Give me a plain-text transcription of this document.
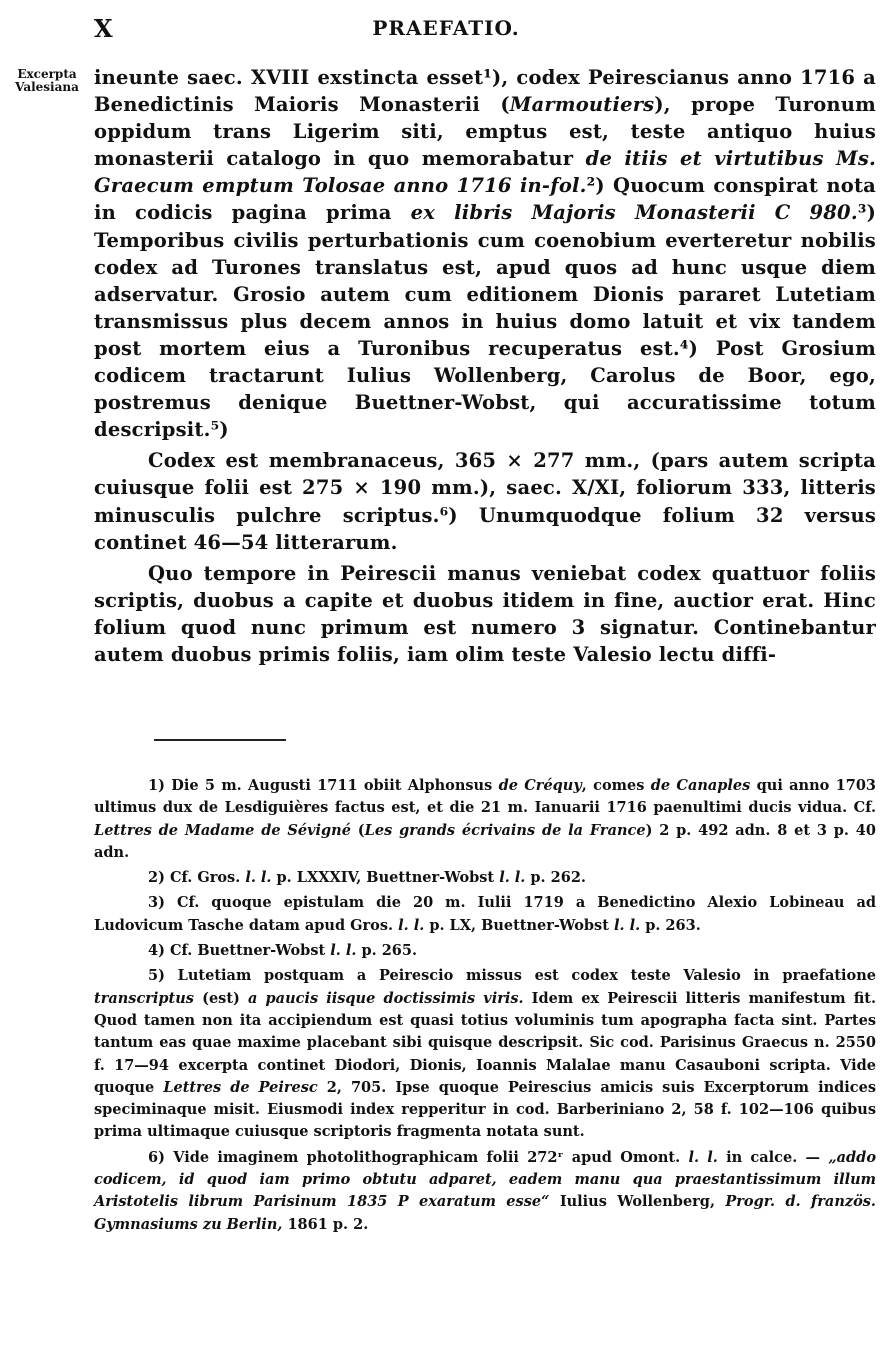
X	PRAEFATIO.
Excerpta Valesiana ineunte saec. XVIII exstincta esset¹), codex Peirescianus anno 1716 a Benedictinis Maioris Monasterii (Marmoutiers), prope Turonum oppidum trans Ligerim siti, emptus est, teste antiquo huius monasterii catalogo in quo memorabatur de itiis et virtutibus Ms. Graecum emptum Tolosae anno 1716 in-fol.²) Quocum conspirat nota in codicis pagina prima ex libris Majoris Monasterii C 980.³) Temporibus civilis perturbationis cum coenobium everteretur nobilis codex ad Turones translatus est, apud quos ad hunc usque diem adservatur. Grosio autem cum editionem Dionis pararet Lutetiam transmissus plus decem annos in huius domo latuit et vix tandem post mortem eius a Turonibus recuperatus est.⁴) Post Grosium codicem tractarunt Iulius Wollenberg, Carolus de Boor, ego, postremus denique Buettner-Wobst, qui accuratissime totum descripsit.⁵)

Codex est membranaceus, 365 × 277 mm., (pars autem scripta cuiusque folii est 275 × 190 mm.), saec. X/XI, foliorum 333, litteris minusculis pulchre scriptus.⁶) Unumquodque folium 32 versus continet 46—54 litterarum.

Quo tempore in Peirescii manus veniebat codex quattuor foliis scriptis, duobus a capite et duobus itidem in fine, auctior erat. Hinc folium quod nunc primum est numero 3 signatur. Continebantur autem duobus primis foliis, iam olim teste Valesio lectu diffi-

1) Die 5 m. Augusti 1711 obiit Alphonsus de Créquy, comes de Canaples qui anno 1703 ultimus dux de Lesdiguières factus est, et die 21 m. Ianuarii 1716 paenultimi ducis vidua. Cf. Lettres de Madame de Sévigné (Les grands écrivains de la France) 2 p. 492 adn. 8 et 3 p. 40 adn.

2) Cf. Gros. l. l. p. LXXXIV, Buettner-Wobst l. l. p. 262.

3) Cf. quoque epistulam die 20 m. Iulii 1719 a Benedictino Alexio Lobineau ad Ludovicum Tasche datam apud Gros. l. l. p. LX, Buettner-Wobst l. l. p. 263.

4) Cf. Buettner-Wobst l. l. p. 265.

5) Lutetiam postquam a Peirescio missus est codex teste Valesio in praefatione transcriptus (est) a paucis iisque doctissimis viris. Idem ex Peirescii litteris manifestum fit. Quod tamen non ita accipiendum est quasi totius voluminis tum apographa facta sint. Partes tantum eas quae maxime placebant sibi quisque descripsit. Sic cod. Parisinus Graecus n. 2550 f. 17—94 excerpta continet Diodori, Dionis, Ioannis Malalae manu Casauboni scripta. Vide quoque Lettres de Peiresc 2, 705. Ipse quoque Peirescius amicis suis Excerptorum indices speciminaque misit. Eiusmodi index repperitur in cod. Barberiniano 2, 58 f. 102—106 quibus prima ultimaque cuiusque scriptoris fragmenta notata sunt.

6) Vide imaginem photolithographicam folii 272ʳ apud Omont. l. l. in calce. — „addo codicem, id quod iam primo obtutu adparet, eadem manu qua praestantissimum illum Aristotelis librum Parisinum 1835 P exaratum esse“ Iulius Wollenberg, Progr. d. französ. Gymnasiums zu Berlin, 1861 p. 2.
